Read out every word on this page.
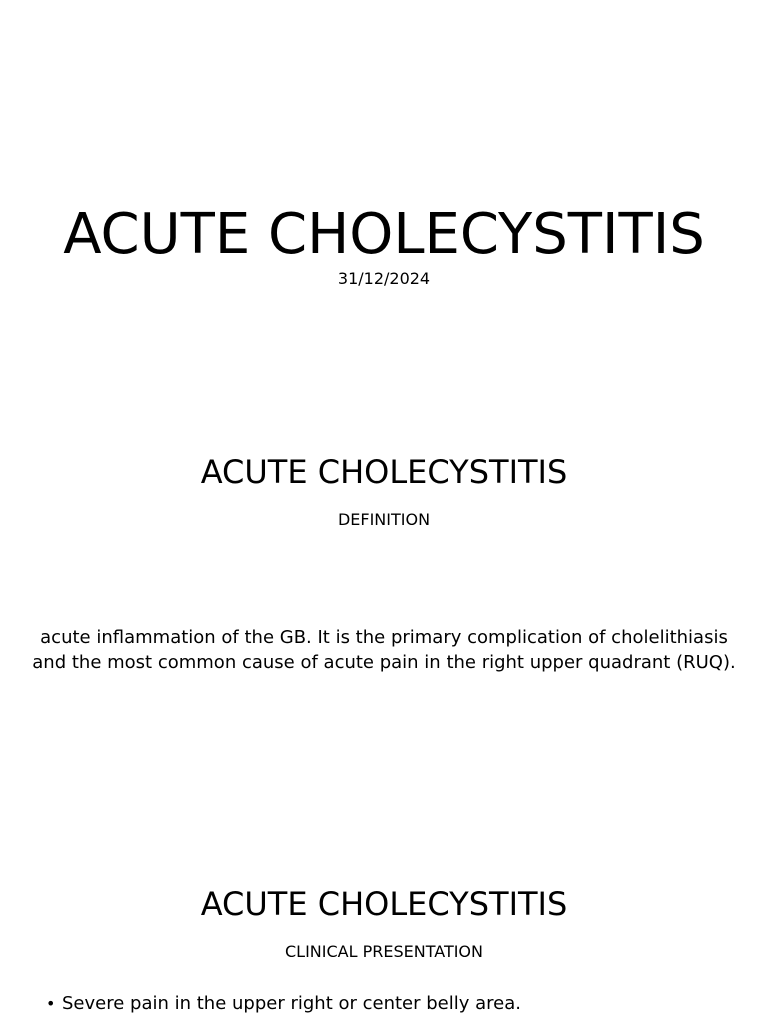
ACUTE CHOLECYSTITIS
31/12/2024
ACUTE CHOLECYSTITIS
DEFINITION
acute inflammation of the GB. It is the primary complication of cholelithiasis and the most common cause of acute pain in the right upper quadrant (RUQ).
ACUTE CHOLECYSTITIS
CLINICAL PRESENTATION
• Severe pain in the upper right or center belly area.
